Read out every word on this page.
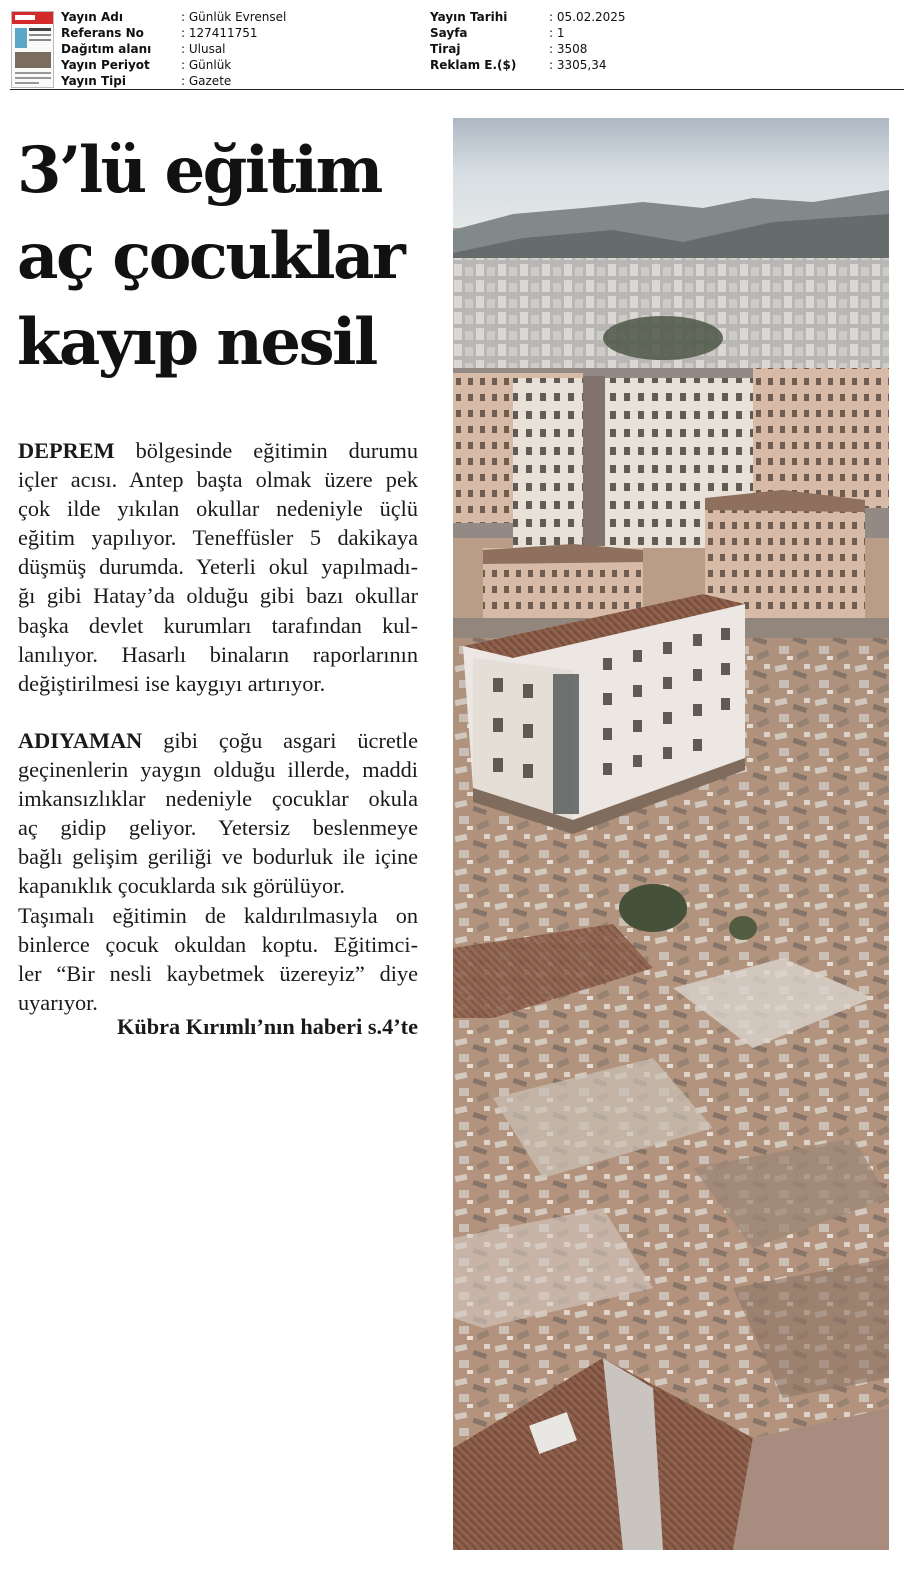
Yayın Adı	: Günlük Evrensel
Referans No	: 127411751
Dağıtım alanı : Ulusal
Yayın Periyot	: Günlük
Yayın Tipi	: Gazete
Yayın Tarihi	: 05.02.2025
Sayfa	: 1
Tiraj	: 3508
Reklam E.($)	: 3305,34
3’lü eğitim
aç çocuklar
kayıp nesil
DEPREM bölgesinde eğitimin durumu
içler acısı. Antep başta olmak üzere pek
çok ilde yıkılan okullar nedeniyle üçlü
eğitim yapılıyor. Teneffüsler 5 dakikaya
düşmüş durumda. Yeterli okul yapılmadı-
ğı gibi Hatay’da olduğu gibi bazı okullar
başka devlet kurumları tarafından kul-
lanılıyor. Hasarlı binaların raporlarının
değiştirilmesi ise kaygıyı artırıyor.
ADIYAMAN gibi çoğu asgari ücretle
geçinenlerin yaygın olduğu illerde, maddi
imkansızlıklar nedeniyle çocuklar okula
aç gidip geliyor. Yetersiz beslenmeye
bağlı gelişim geriliği ve bodurluk ile içine
kapanıklık çocuklarda sık görülüyor.
Taşımalı eğitimin de kaldırılmasıyla on
binlerce çocuk okuldan koptu. Eğitimci-
ler “Bir nesli kaybetmek üzereyiz” diye
uyarıyor.
Kübra Kırımlı’nın haberi s.4’te
